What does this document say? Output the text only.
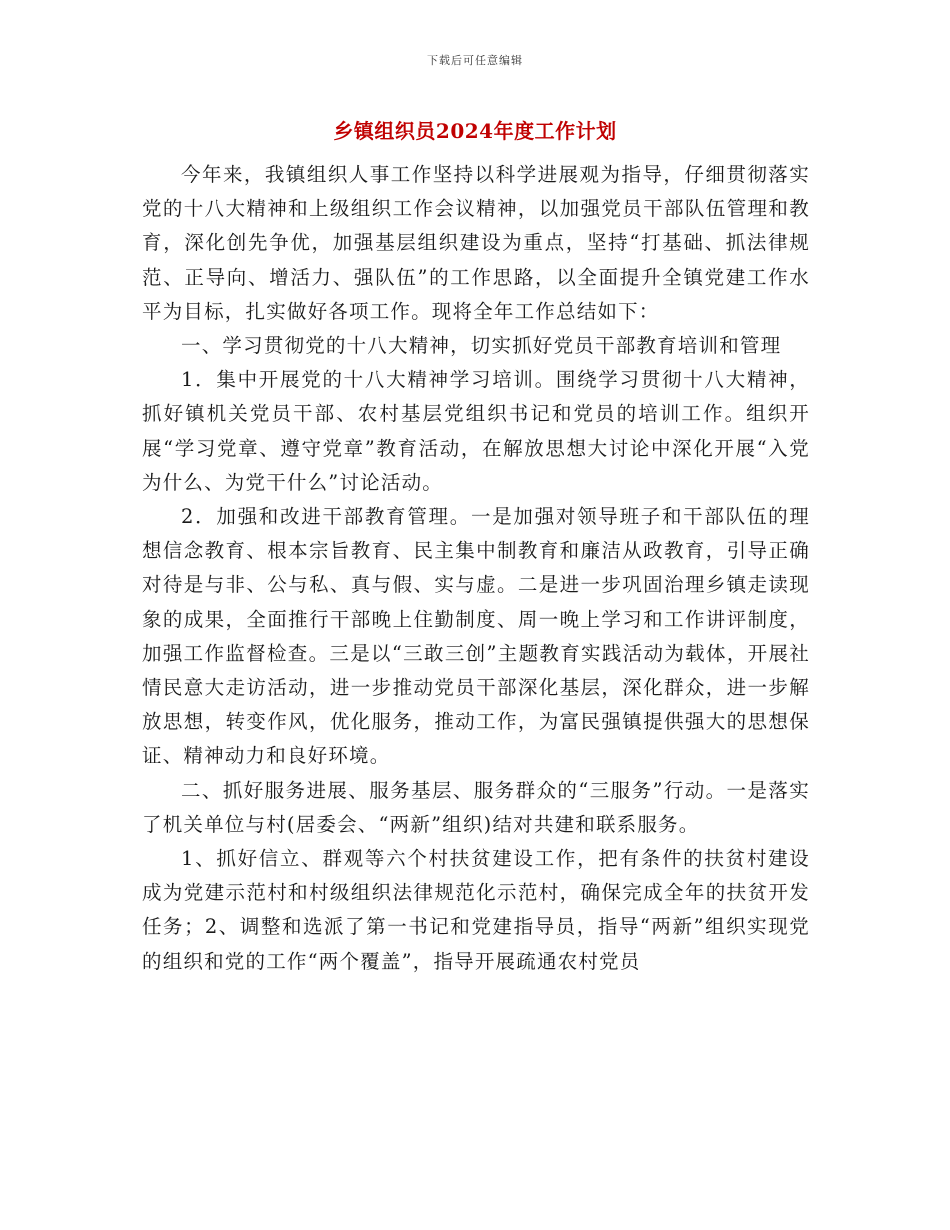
下载后可任意编辑
乡镇组织员2024年度工作计划

今年来，我镇组织人事工作坚持以科学进展观为指导，仔细贯彻落实党的十八大精神和上级组织工作会议精神，以加强党员干部队伍管理和教育，深化创先争优，加强基层组织建设为重点，坚持“打基础、抓法律规范、正导向、增活力、强队伍”的工作思路，以全面提升全镇党建工作水平为目标，扎实做好各项工作。现将全年工作总结如下：

一、学习贯彻党的十八大精神，切实抓好党员干部教育培训和管理

1．集中开展党的十八大精神学习培训。围绕学习贯彻十八大精神，抓好镇机关党员干部、农村基层党组织书记和党员的培训工作。组织开展“学习党章、遵守党章”教育活动，在解放思想大讨论中深化开展“入党为什么、为党干什么”讨论活动。

2．加强和改进干部教育管理。一是加强对领导班子和干部队伍的理想信念教育、根本宗旨教育、民主集中制教育和廉洁从政教育，引导正确对待是与非、公与私、真与假、实与虚。二是进一步巩固治理乡镇走读现象的成果，全面推行干部晚上住勤制度、周一晚上学习和工作讲评制度，加强工作监督检查。三是以“三敢三创”主题教育实践活动为载体，开展社情民意大走访活动，进一步推动党员干部深化基层，深化群众，进一步解放思想，转变作风，优化服务，推动工作，为富民强镇提供强大的思想保证、精神动力和良好环境。

二、抓好服务进展、服务基层、服务群众的“三服务”行动。一是落实了机关单位与村(居委会、“两新”组织)结对共建和联系服务。

1、抓好信立、群观等六个村扶贫建设工作，把有条件的扶贫村建设成为党建示范村和村级组织法律规范化示范村，确保完成全年的扶贫开发任务；2、调整和选派了第一书记和党建指导员，指导“两新”组织实现党的组织和党的工作“两个覆盖”，指导开展疏通农村党员
